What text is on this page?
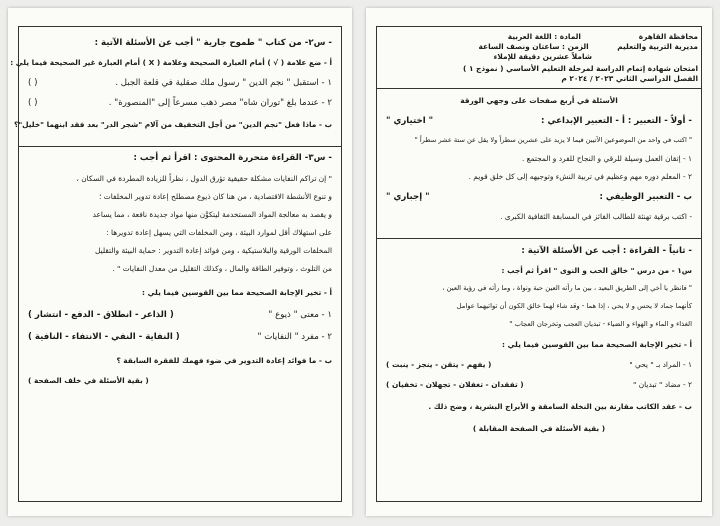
- س٢- من كتاب " طموح جارية " أجب عن الأسئلة الآتية :
أ - ضع علامة ( √ ) أمام العبارة الصحيحة وعلامة ( X ) أمام العبارة غير الصحيحة فيما يلي :
١ - استقبل " نجم الدين " رسول ملك صقلية في قلعة الجبل .
( )
٢ - عندما بلغ "توران شاه" مصر ذهب مسرعاً إلى "المنصورة" .
( )
ب - ماذا فعل "نجم الدين" من أجل التخفيف من آلام "شجر الدر" بعد فقد ابنهما "خليل"؟
- س٣- القراءة متحررة المحتوى : اقرأ ثم أجب :
" إن تراكم النفايات مشكلة حقيقية تؤرق الدول ، نظراً للزيادة المطردة في السكان ،
و تنوع الأنشطة الاقتصادية ، من هنا كان ذيوع مصطلح إعادة تدوير المخلفات ؛
و يقصد به معالجة المواد المستخدمة ليتكوَّن منها مواد جديدة نافعة ، مما يساعد
على استهلاك أقل لموارد البيئة ، ومن المخلفات التي يسهل إعادة تدويرها :
المخلفات الورقية والبلاستيكية ، ومن فوائد إعادة التدوير : حماية البيئة والتقليل
من التلوث ، وتوفير الطاقة والمال ، وكذلك التقليل من معدل النفايات " .
أ - تخير الإجابة الصحيحة مما بين القوسين فيما يلي :
١ - معنى " ذيوع "
( الذاعر - انطلاق - الدفع - انتشار )
٢ - مفرد " النفايات "
( النفاية - النفي - الانتفاء - النافية )
ب - ما فوائد إعادة التدوير في ضوء فهمك للفقرة السابقة ؟
( بقية الأسئلة في خلف الصفحة )
محافظة القاهرة
المادة : اللغة العربية
مديرية التربية والتعليم
الزمن : ساعتان ونصف الساعة
شاملاً عشرين دقيقة للإملاء
امتحان شهادة إتمام الدراسة لمرحلة التعليم الأساسي ( نموذج ١ )
الفصل الدراسي الثاني ٢٠٢٣ / ٢٠٢٤ م
الأسئلة في أربع صفحات على وجهي الورقة
- أولاً - التعبير : أ - التعبير الإبداعي :
" اختياري "
" اكتب في واحد من الموضوعين الآتيين فيما لا يزيد على عشرين سطراً ولا يقل عن ستة عشر سطراً "
١ - إتقان العمل وسيلة للرقي و النجاح للفرد و المجتمع .
٢ - المعلم دوره مهم وعظيم في تربية النشء وتوجيهه إلى كل خلق قويم .
ب - التعبير الوظيفي :
" إجباري "
- اكتب برقية تهنئة للطالب الفائز في المسابقة الثقافية الكبرى .
- ثانياً - القراءة : أجب عن الأسئلة الآتية :
س١ - من درس " خالق الحب و النوى " اقرأ ثم أجب :
" فانظر يا أخي إلى الطريق البعيد ، بين ما رأته العين حبة ونواة ، وما رأته في رؤية العين ،
كأنهما جماد لا يحس و لا يحي ، إذا هما - وقد شاء لهما خالق الكون أن تواتيهما عوامل
الغذاء و الماء و الهواء و الضياء - تبديان العجب وتخرجان العجاب "
أ - تخير الإجابة الصحيحة مما بين القوسين فيما يلي :
١ - المراد بـ " يحي "
( يفهم - يتقن - ينجز - ينبت )
٢ - مضاد " تبديان "
( تفقدان - تغفلان - تجهلان - تخفيان )
ب - عقد الكاتب مقارنة بين النخلة السامقة و الأبراج البشرية ، وضح ذلك .
( بقية الأسئلة في الصفحة المقابلة )
